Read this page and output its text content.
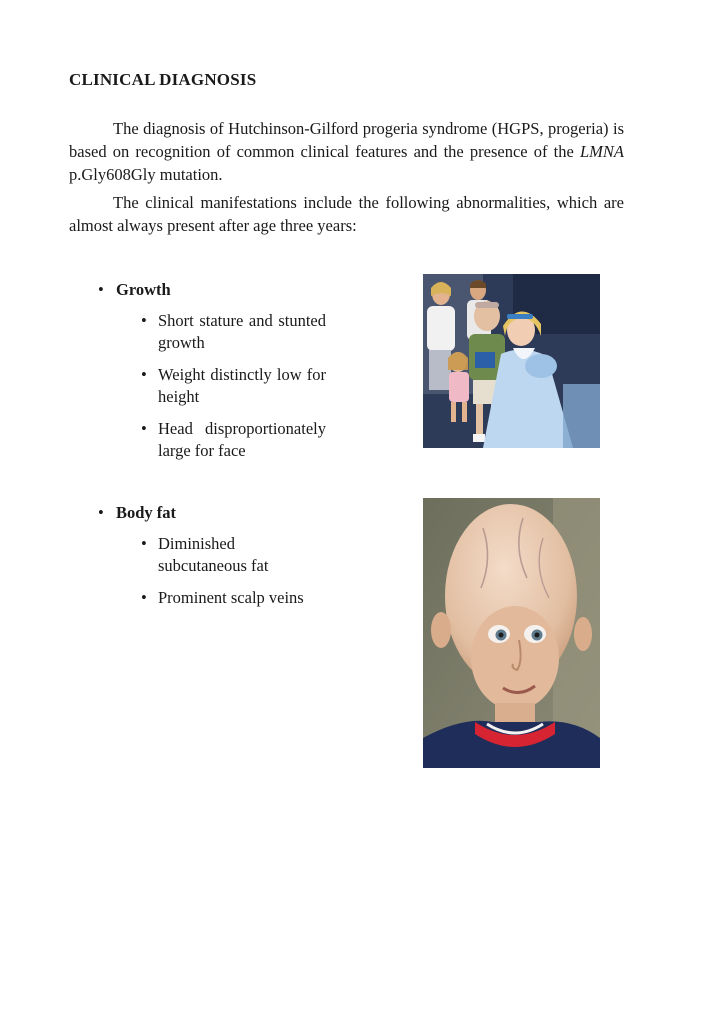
CLINICAL DIAGNOSIS

The diagnosis of Hutchinson-Gilford progeria syndrome (HGPS, progeria) is based on recognition of common clinical features and the presence of the LMNA p.Gly608Gly mutation.

The clinical manifestations include the following abnormalities, which are almost always present after age three years:

• Growth
• Short stature and stunted growth
• Weight distinctly low for height
• Head disproportionately large for face
• Body fat
• Diminished subcutaneous fat
• Prominent scalp veins
